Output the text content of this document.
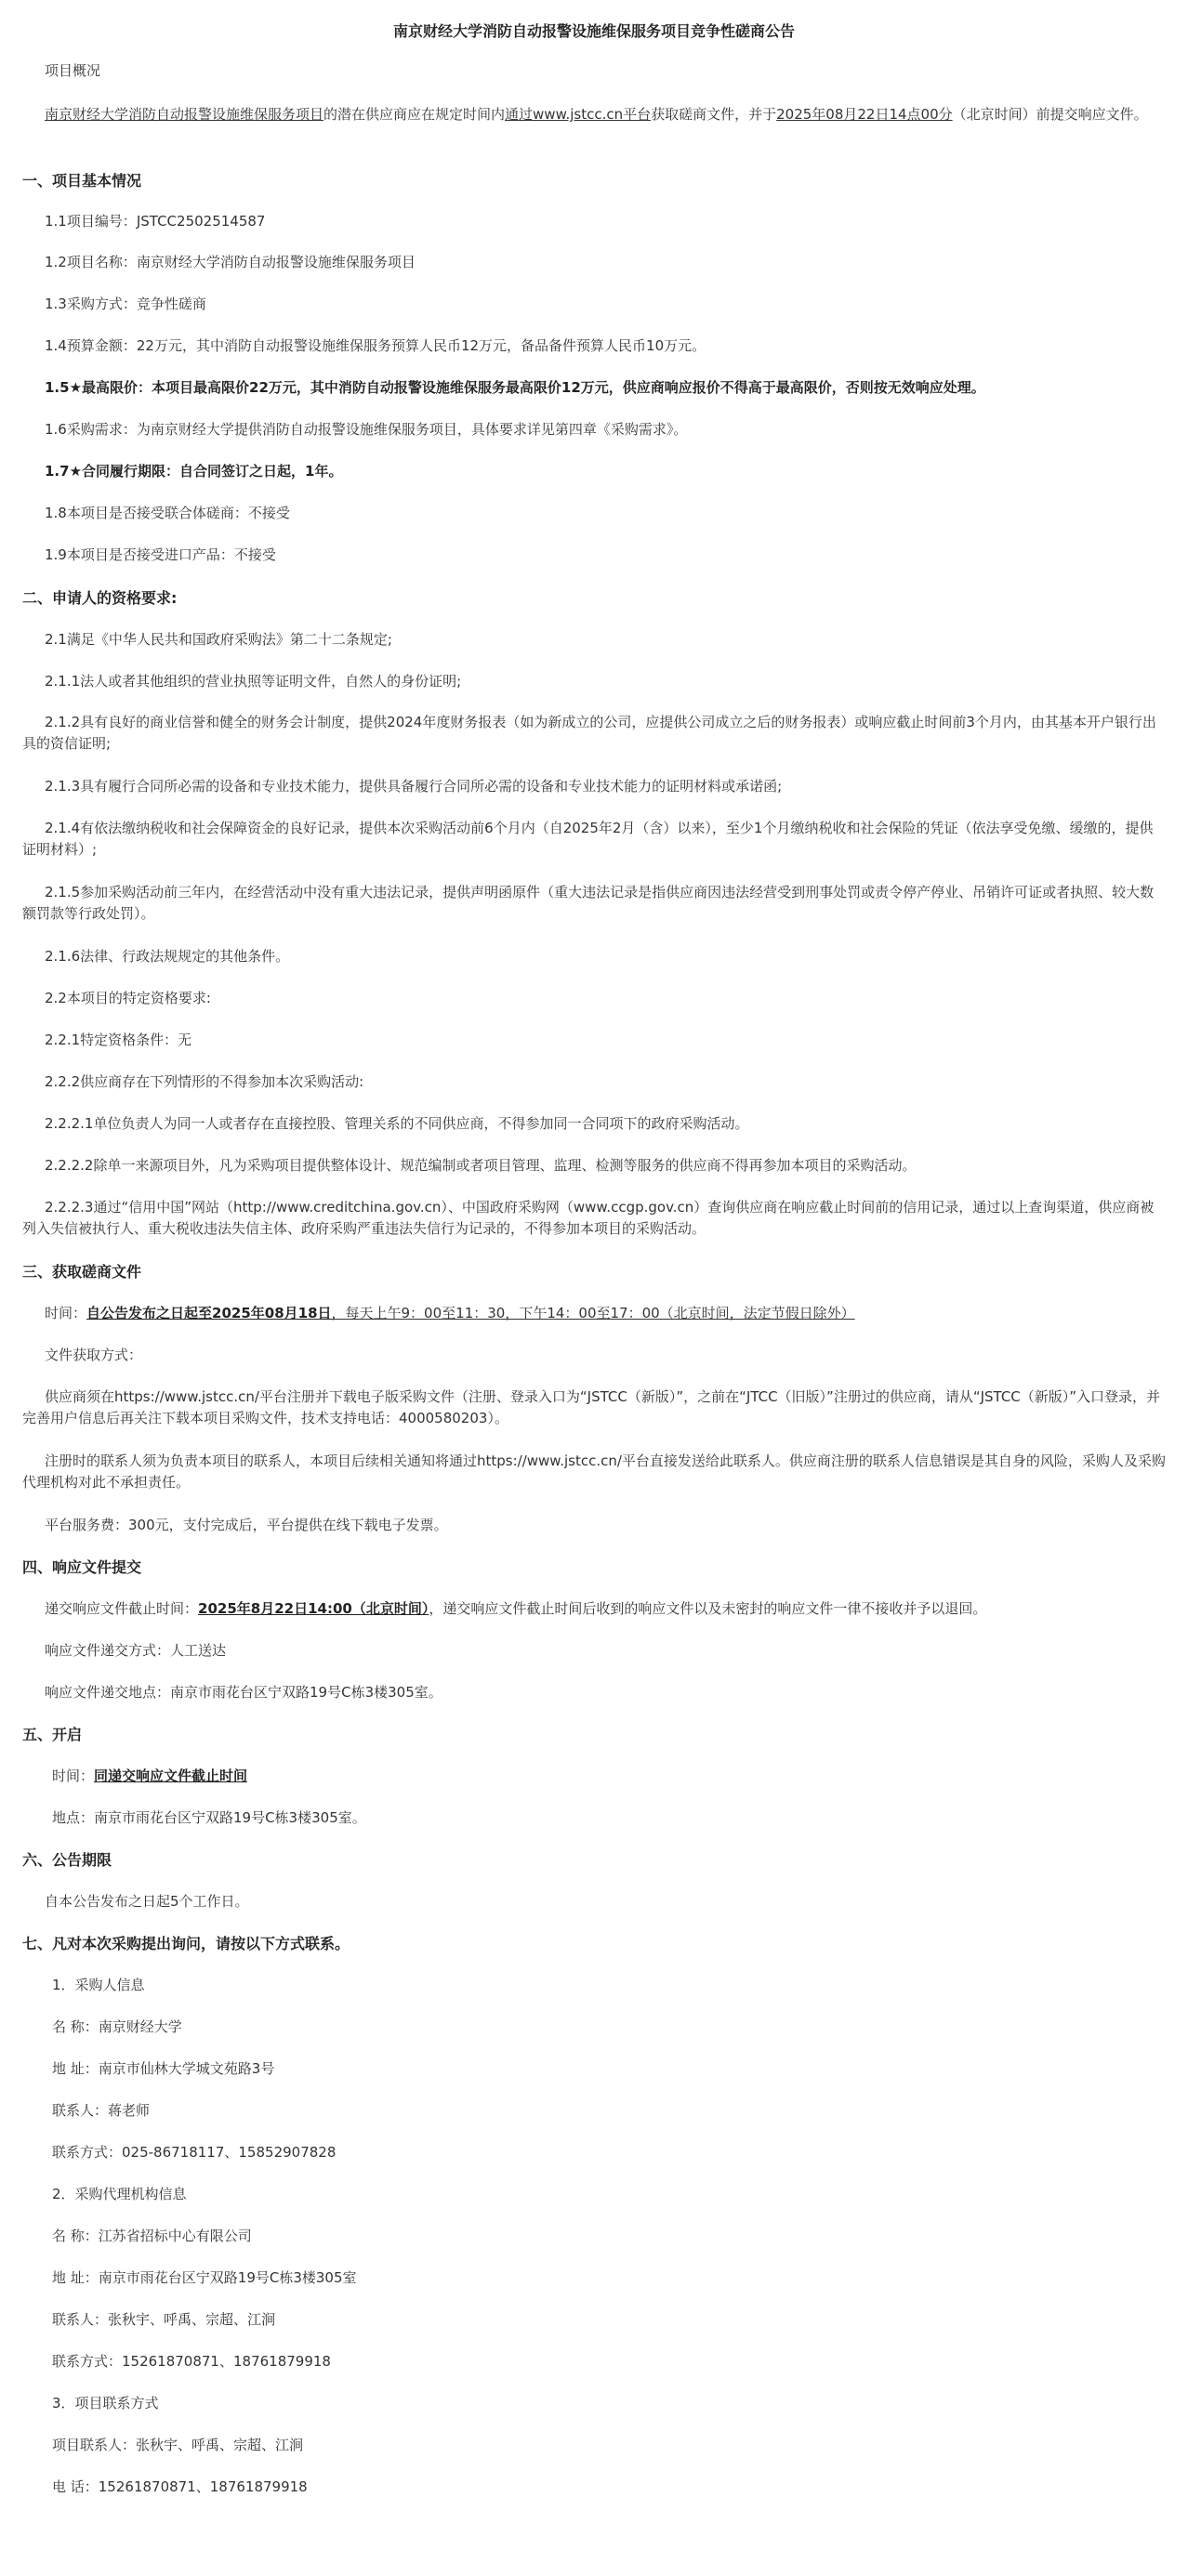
南京财经大学消防自动报警设施维保服务项目竞争性磋商公告
项目概况
南京财经大学消防自动报警设施维保服务项目的潜在供应商应在规定时间内通过www.jstcc.cn平台获取磋商文件，并于2025年08月22日14点00分（北京时间）前提交响应文件。
一、项目基本情况
1.1项目编号：JSTCC2502514587
1.2项目名称：南京财经大学消防自动报警设施维保服务项目
1.3采购方式：竞争性磋商
1.4预算金额：22万元，其中消防自动报警设施维保服务预算人民币12万元，备品备件预算人民币10万元。
1.5★最高限价：本项目最高限价22万元，其中消防自动报警设施维保服务最高限价12万元，供应商响应报价不得高于最高限价，否则按无效响应处理。
1.6采购需求：为南京财经大学提供消防自动报警设施维保服务项目，具体要求详见第四章《采购需求》。
1.7★合同履行期限：自合同签订之日起，1年。
1.8本项目是否接受联合体磋商：不接受
1.9本项目是否接受进口产品：不接受
二、申请人的资格要求:
2.1满足《中华人民共和国政府采购法》第二十二条规定;
2.1.1法人或者其他组织的营业执照等证明文件，自然人的身份证明;
2.1.2具有良好的商业信誉和健全的财务会计制度，提供2024年度财务报表（如为新成立的公司，应提供公司成立之后的财务报表）或响应截止时间前3个月内，由其基本开户银行出具的资信证明;
2.1.3具有履行合同所必需的设备和专业技术能力，提供具备履行合同所必需的设备和专业技术能力的证明材料或承诺函;
2.1.4有依法缴纳税收和社会保障资金的良好记录，提供本次采购活动前6个月内（自2025年2月（含）以来），至少1个月缴纳税收和社会保险的凭证（依法享受免缴、缓缴的，提供证明材料）;
2.1.5参加采购活动前三年内，在经营活动中没有重大违法记录，提供声明函原件（重大违法记录是指供应商因违法经营受到刑事处罚或责令停产停业、吊销许可证或者执照、较大数额罚款等行政处罚）。
2.1.6法律、行政法规规定的其他条件。
2.2本项目的特定资格要求:
2.2.1特定资格条件：无
2.2.2供应商存在下列情形的不得参加本次采购活动:
2.2.2.1单位负责人为同一人或者存在直接控股、管理关系的不同供应商，不得参加同一合同项下的政府采购活动。
2.2.2.2除单一来源项目外，凡为采购项目提供整体设计、规范编制或者项目管理、监理、检测等服务的供应商不得再参加本项目的采购活动。
2.2.2.3通过“信用中国”网站（http://www.creditchina.gov.cn）、中国政府采购网（www.ccgp.gov.cn）查询供应商在响应截止时间前的信用记录，通过以上查询渠道，供应商被列入失信被执行人、重大税收违法失信主体、政府采购严重违法失信行为记录的，不得参加本项目的采购活动。
三、获取磋商文件
时间：自公告发布之日起至2025年08月18日，每天上午9：00至11：30，下午14：00至17：00（北京时间，法定节假日除外）
文件获取方式：
供应商须在https://www.jstcc.cn/平台注册并下载电子版采购文件（注册、登录入口为“JSTCC（新版）”，之前在“JTCC（旧版）”注册过的供应商，请从“JSTCC（新版）”入口登录，并完善用户信息后再关注下载本项目采购文件，技术支持电话：4000580203）。
注册时的联系人须为负责本项目的联系人，本项目后续相关通知将通过https://www.jstcc.cn/平台直接发送给此联系人。供应商注册的联系人信息错误是其自身的风险，采购人及采购代理机构对此不承担责任。
平台服务费：300元，支付完成后，平台提供在线下载电子发票。
四、响应文件提交
递交响应文件截止时间：2025年8月22日14:00（北京时间），递交响应文件截止时间后收到的响应文件以及未密封的响应文件一律不接收并予以退回。
响应文件递交方式：人工送达
响应文件递交地点：南京市雨花台区宁双路19号C栋3楼305室。
五、开启
时间：同递交响应文件截止时间
地点：南京市雨花台区宁双路19号C栋3楼305室。
六、公告期限
自本公告发布之日起5个工作日。
七、凡对本次采购提出询问，请按以下方式联系。
1．采购人信息
名 称：南京财经大学
地 址：南京市仙林大学城文苑路3号
联系人：蒋老师
联系方式：025-86718117、15852907828
2．采购代理机构信息
名 称：江苏省招标中心有限公司
地 址：南京市雨花台区宁双路19号C栋3楼305室
联系人：张秋宇、呼禹、宗超、江涧
联系方式：15261870871、18761879918
3．项目联系方式
项目联系人：张秋宇、呼禹、宗超、江涧
电 话：15261870871、18761879918
